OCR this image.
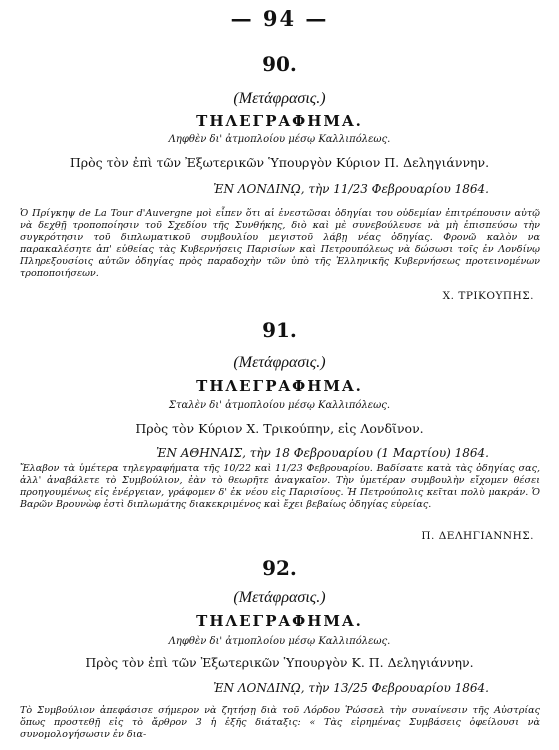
— 94 —
90.
(Μετάφρασις.)
ΤΗΛΕΓΡΑΦΗΜΑ.
Ληφθὲν δι' ἀτμοπλοίου μέσῳ Καλλιπόλεως.
Πρὸς τὸν ἐπὶ τῶν Ἐξωτερικῶν Ὑπουργὸν Κύριον Π. Δεληγιάννην.
ἘΝ ΛΟΝΔΙΝῼ, τὴν 11/23 Φεβρουαρίου 1864.
Ὁ Πρίγκηψ de La Tour d'Auvergne μοὶ εἶπεν ὅτι αἱ ἐνεστῶσαι ὁδηγίαι του οὐδεμίαν ἐπιτρέπουσιν αὐτῷ νὰ δεχθῇ τροποποίησιν τοῦ Σχεδίου τῆς Συνθήκης, διὸ καὶ μὲ συνεβούλευσε νὰ μὴ ἐπισπεύσω τὴν συγκρότησιν τοῦ διπλωματικοῦ συμβουλίου μεγιστοῦ λάβῃ νέας ὁδηγίας. Φρονῶ καλὸν να παρακαλέσητε ἀπ' εὐθείας τὰς Κυβερνήσεις Παρισίων καὶ Πετρουπόλεως νὰ δώσωσι τοῖς ἐν Λονδίνῳ Πληρεξουσίοις αὐτῶν ὁδηγίας πρὸς παραδοχὴν τῶν ὑπὸ τῆς Ἑλληνικῆς Κυβερνήσεως προτεινομένων τροποποιήσεων.
Χ. ΤΡΙΚΟΥΠΗΣ.
91.
(Μετάφρασις.)
ΤΗΛΕΓΡΑΦΗΜΑ.
Σταλὲν δι' ἀτμοπλοίου μέσῳ Καλλιπόλεως.
Πρὸς τὸν Κύριον Χ. Τρικούπην, εἰς Λονδῖνον.
ἘΝ ΑΘΗΝΑΙΣ, τὴν 18 Φεβρουαρίου (1 Μαρτίου) 1864.
Ἔλαβον τὰ ὑμέτερα τηλεγραφήματα τῆς 10/22 καὶ 11/23 Φεβρουαρίου. Βαδίσατε κατὰ τὰς ὁδηγίας σας, ἀλλ' ἀναβάλετε τὸ Συμβούλιον, ἐὰν τὸ θεωρῆτε ἀναγκαῖον. Τὴν ὑμετέραν συμβουλὴν εἴχομεν θέσει προηγουμένως εἰς ἐνέργειαν, γράφομεν δ' ἐκ νέου εἰς Παρισίους. Ἡ Πετρούπολις κεῖται πολὺ μακράν. Ὁ Βαρῶν Βρουνὼφ ἐστὶ διπλωμάτης διακεκριμένος καὶ ἔχει βεβαίως ὁδηγίας εὐρείας.
Π. ΔΕΛΗΓΙΑΝΝΗΣ.
92.
(Μετάφρασις.)
ΤΗΛΕΓΡΑΦΗΜΑ.
Ληφθὲν δι' ἀτμοπλοίου μέσῳ Καλλιπόλεως.
Πρὸς τὸν ἐπὶ τῶν Ἐξωτερικῶν Ὑπουργὸν Κ. Π. Δεληγιάννην.
ἘΝ ΛΟΝΔΙΝῼ, τὴν 13/25 Φεβρουαρίου 1864.
Τὸ Συμβούλιον ἀπεφάσισε σήμερον νὰ ζητήσῃ διὰ τοῦ Λόρδου Ῥώσσελ τὴν συναίνεσιν τῆς Αὐστρίας ὅπως προστεθῇ εἰς τὸ ἄρθρον 3 ἡ ἑξῆς διάταξις: « Τὰς εἰρημένας Συμβάσεις ὀφείλουσι νὰ συνομολογήσωσιν ἐν δια-
